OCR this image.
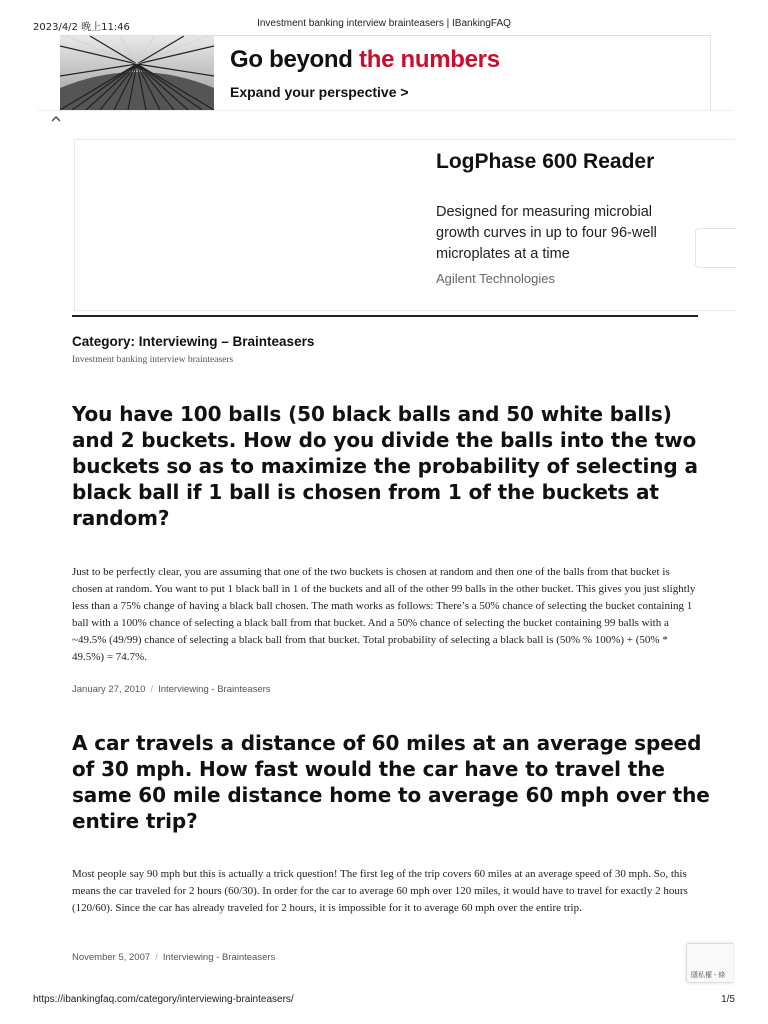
2023/4/2 晚上11:46	Investment banking interview brainteasers | IBankingFAQ
Go beyond the numbers
Expand your perspective >
LogPhase 600 Reader
Designed for measuring microbial growth curves in up to four 96-well microplates at a time
Agilent Technologies
Category: Interviewing – Brainteasers
Investment banking interview brainteasers
You have 100 balls (50 black balls and 50 white balls) and 2 buckets. How do you divide the balls into the two buckets so as to maximize the probability of selecting a black ball if 1 ball is chosen from 1 of the buckets at random?

Just to be perfectly clear, you are assuming that one of the two buckets is chosen at random and then one of the balls from that bucket is chosen at random. You want to put 1 black ball in 1 of the buckets and all of the other 99 balls in the other bucket. This gives you just slightly less than a 75% change of having a black ball chosen. The math works as follows: There’s a 50% chance of selecting the bucket containing 1 ball with a 100% chance of selecting a black ball from that bucket. And a 50% chance of selecting the bucket containing 99 balls with a ~49.5% (49/99) chance of selecting a black ball from that bucket. Total probability of selecting a black ball is (50% % 100%) + (50% * 49.5%) = 74.7%.

January 27, 2010 / Interviewing - Brainteasers
A car travels a distance of 60 miles at an average speed of 30 mph. How fast would the car have to travel the same 60 mile distance home to average 60 mph over the entire trip?

Most people say 90 mph but this is actually a trick question! The first leg of the trip covers 60 miles at an average speed of 30 mph. So, this means the car traveled for 2 hours (60/30). In order for the car to average 60 mph over 120 miles, it would have to travel for exactly 2 hours (120/60). Since the car has already traveled for 2 hours, it is impossible for it to average 60 mph over the entire trip.

November 5, 2007 / Interviewing - Brainteasers
隱私權 - 條
https://ibankingfaq.com/category/interviewing-brainteasers/	1/5
